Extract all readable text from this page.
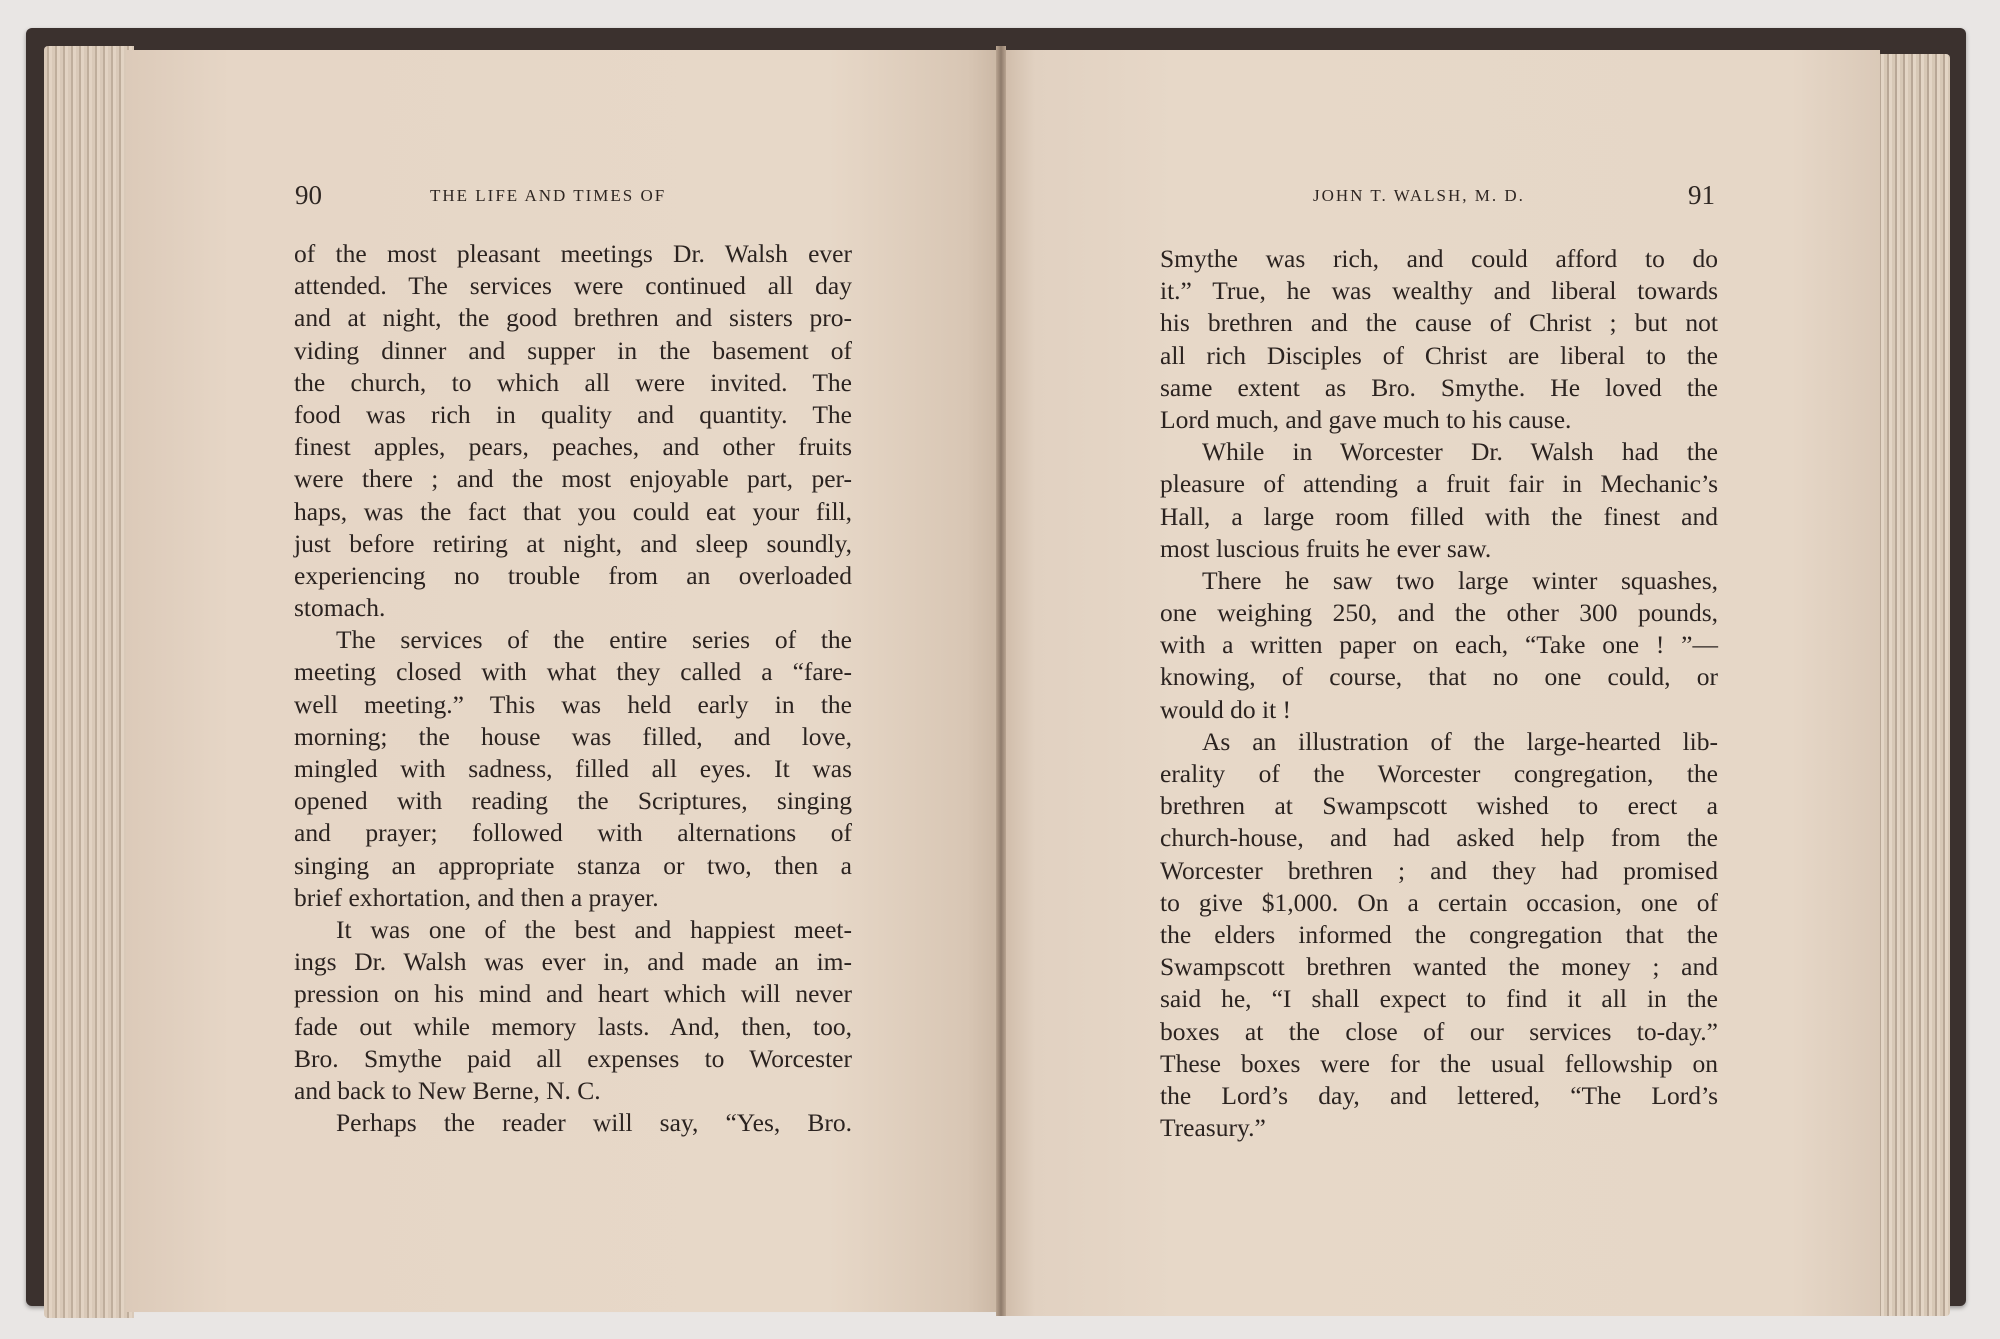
90	THE LIFE AND TIMES OF	JOHN T. WALSH, M. D.	91
of the most pleasant meetings Dr. Walsh ever
attended. The services were continued all day
and at night, the good brethren and sisters pro-
viding dinner and supper in the basement of
the church, to which all were invited. The
food was rich in quality and quantity. The
finest apples, pears, peaches, and other fruits
were there ; and the most enjoyable part, per-
haps, was the fact that you could eat your fill,
just before retiring at night, and sleep soundly,
experiencing no trouble from an overloaded
stomach.
The services of the entire series of the
meeting closed with what they called a “fare-
well meeting.” This was held early in the
morning; the house was filled, and love,
mingled with sadness, filled all eyes. It was
opened with reading the Scriptures, singing
and prayer; followed with alternations of
singing an appropriate stanza or two, then a
brief exhortation, and then a prayer.
It was one of the best and happiest meet-
ings Dr. Walsh was ever in, and made an im-
pression on his mind and heart which will never
fade out while memory lasts. And, then, too,
Bro. Smythe paid all expenses to Worcester
and back to New Berne, N. C.
Perhaps the reader will say, “Yes, Bro.
Smythe was rich, and could afford to do
it.” True, he was wealthy and liberal towards
his brethren and the cause of Christ ; but not
all rich Disciples of Christ are liberal to the
same extent as Bro. Smythe. He loved the
Lord much, and gave much to his cause.
While in Worcester Dr. Walsh had the
pleasure of attending a fruit fair in Mechanic’s
Hall, a large room filled with the finest and
most luscious fruits he ever saw.
There he saw two large winter squashes,
one weighing 250, and the other 300 pounds,
with a written paper on each, “Take one ! ”—
knowing, of course, that no one could, or
would do it !
As an illustration of the large-hearted lib-
erality of the Worcester congregation, the
brethren at Swampscott wished to erect a
church-house, and had asked help from the
Worcester brethren ; and they had promised
to give $1,000. On a certain occasion, one of
the elders informed the congregation that the
Swampscott brethren wanted the money ; and
said he, “I shall expect to find it all in the
boxes at the close of our services to-day.”
These boxes were for the usual fellowship on
the Lord’s day, and lettered, “The Lord’s
Treasury.”
